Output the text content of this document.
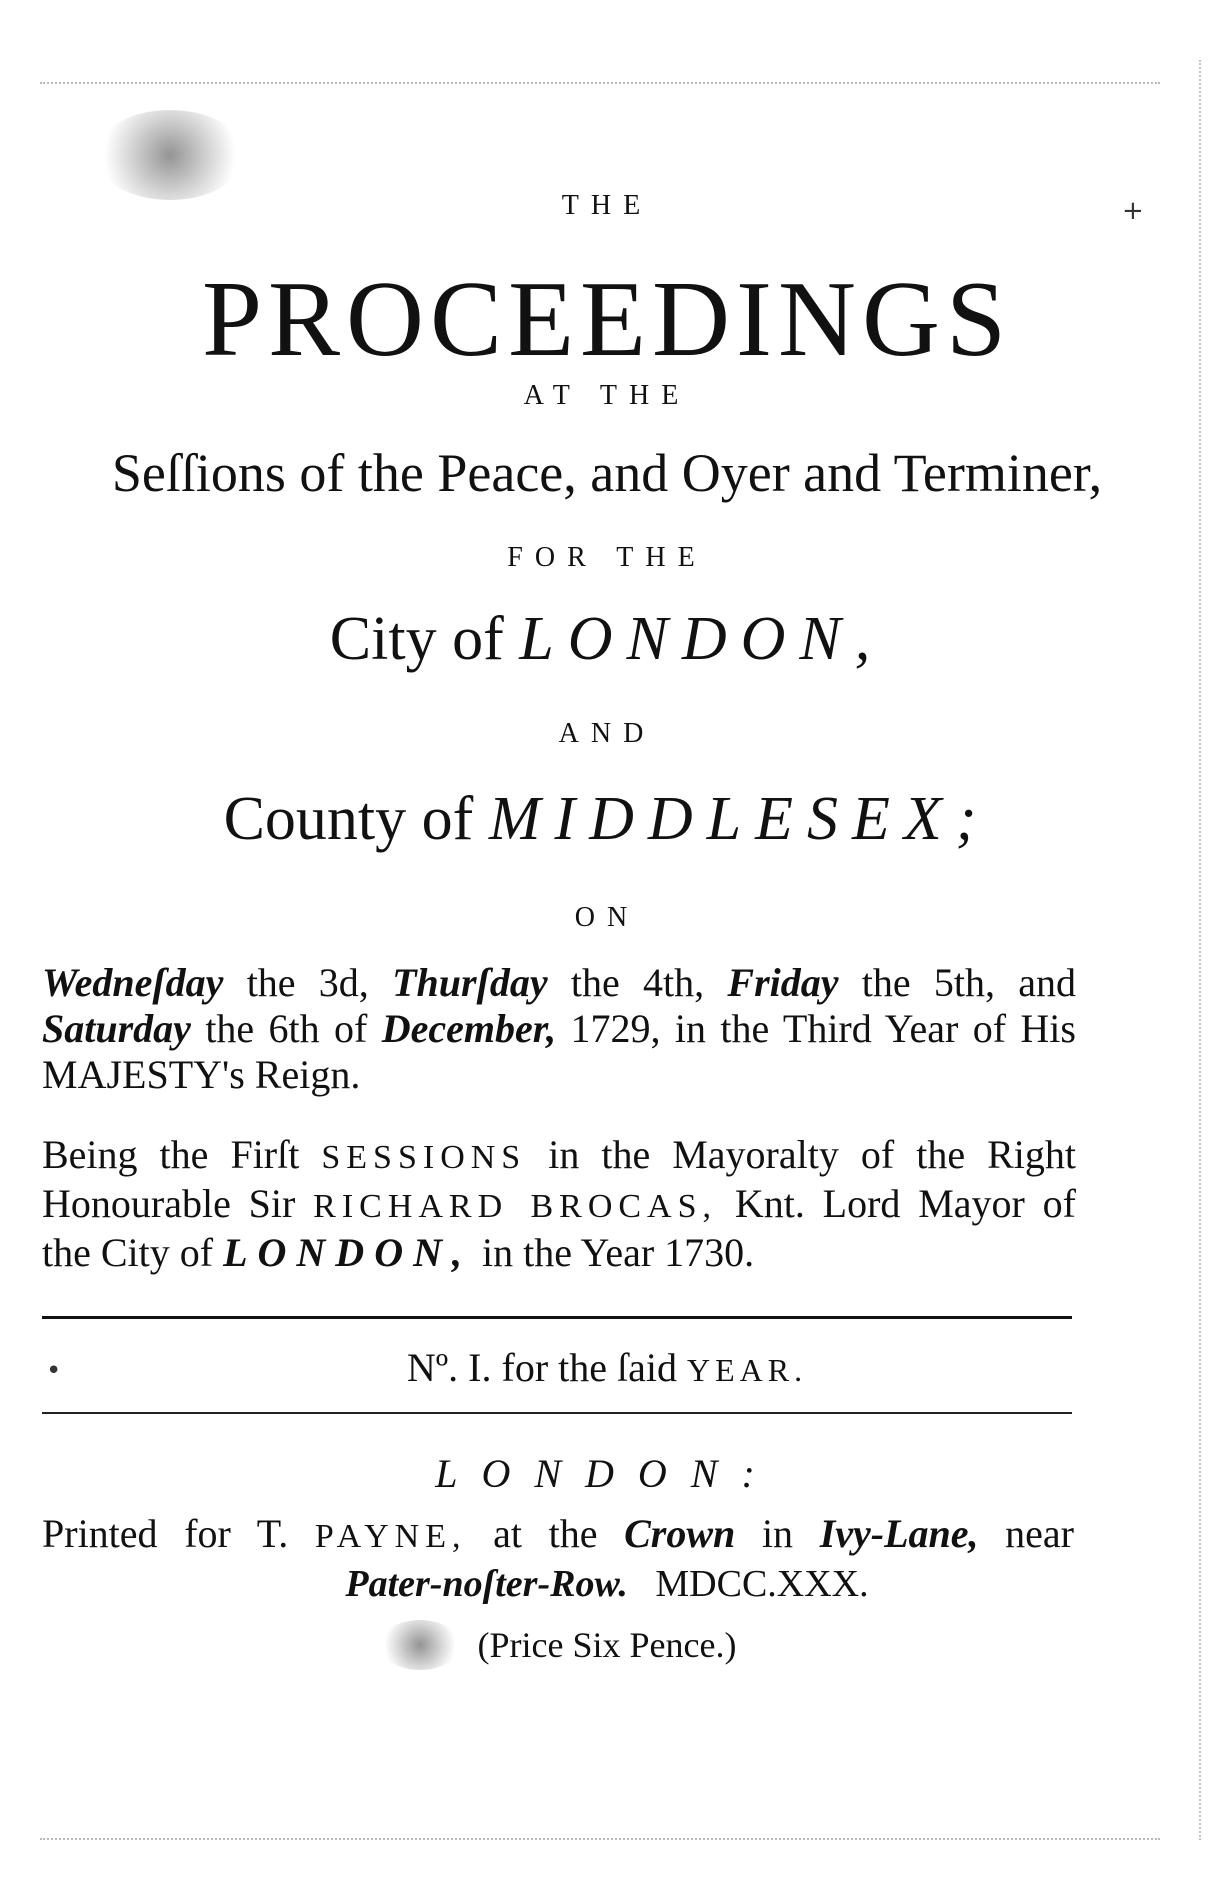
+
•
THE
PROCEEDINGS
AT THE
Seſſions of the Peace, and Oyer and Terminer,
FOR THE
City of LONDON,
AND
County of MIDDLESEX;
ON
Wedneſday the 3d, Thurſday the 4th, Friday the 5th, and Saturday the 6th of December, 1729, in the Third Year of His MAJESTY's Reign.
Being the Firſt SESSIONS in the Mayoralty of the Right Honourable Sir RICHARD BROCAS, Knt. Lord Mayor of the City of LONDON, in the Year 1730.
Nº. I. for the ſaid YEAR.
LONDON:
Printed for T. PAYNE, at the Crown in Ivy-Lane, near
Pater-noſter-Row. MDCC.XXX.
(Price Six Pence.)
